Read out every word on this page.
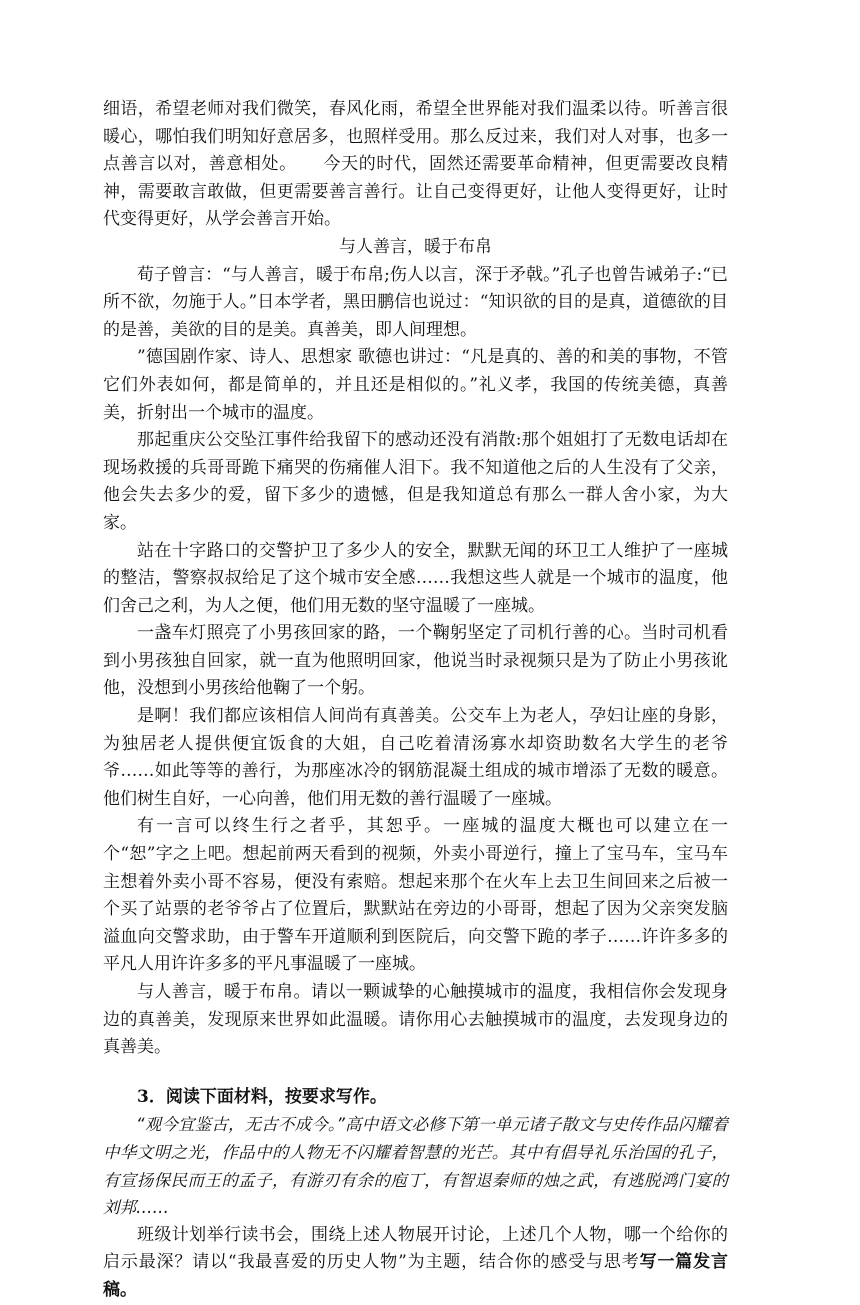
细语，希望老师对我们微笑，春风化雨，希望全世界能对我们温柔以待。听善言很暖心，哪怕我们明知好意居多，也照样受用。那么反过来，我们对人对事，也多一点善言以对，善意相处。　　今天的时代，固然还需要革命精神，但更需要改良精神，需要敢言敢做，但更需要善言善行。让自己变得更好，让他人变得更好，让时代变得更好，从学会善言开始。

与人善言，暖于布帛

荀子曾言：“与人善言，暖于布帛;伤人以言，深于矛戟。”孔子也曾告诫弟子:“已所不欲，勿施于人。”日本学者，黑田鹏信也说过：“知识欲的目的是真，道德欲的目的是善，美欲的目的是美。真善美，即人间理想。

”德国剧作家、诗人、思想家 歌德也讲过：“凡是真的、善的和美的事物，不管它们外表如何，都是简单的，并且还是相似的。”礼义孝，我国的传统美德，真善美，折射出一个城市的温度。

那起重庆公交坠江事件给我留下的感动还没有消散:那个姐姐打了无数电话却在现场救援的兵哥哥跪下痛哭的伤痛催人泪下。我不知道他之后的人生没有了父亲，他会失去多少的爱，留下多少的遗憾，但是我知道总有那么一群人舍小家，为大家。

站在十字路口的交警护卫了多少人的安全，默默无闻的环卫工人维护了一座城的整洁，警察叔叔给足了这个城市安全感……我想这些人就是一个城市的温度，他们舍己之利，为人之便，他们用无数的坚守温暖了一座城。

一盏车灯照亮了小男孩回家的路，一个鞠躬坚定了司机行善的心。当时司机看到小男孩独自回家，就一直为他照明回家，他说当时录视频只是为了防止小男孩讹他，没想到小男孩给他鞠了一个躬。

是啊！我们都应该相信人间尚有真善美。公交车上为老人，孕妇让座的身影，为独居老人提供便宜饭食的大姐，自己吃着清汤寡水却资助数名大学生的老爷爷……如此等等的善行，为那座冰冷的钢筋混凝土组成的城市增添了无数的暖意。他们树生自好，一心向善，他们用无数的善行温暖了一座城。

有一言可以终生行之者乎，其恕乎。一座城的温度大概也可以建立在一个“恕”字之上吧。想起前两天看到的视频，外卖小哥逆行，撞上了宝马车，宝马车主想着外卖小哥不容易，便没有索赔。想起来那个在火车上去卫生间回来之后被一个买了站票的老爷爷占了位置后，默默站在旁边的小哥哥，想起了因为父亲突发脑溢血向交警求助，由于警车开道顺利到医院后，向交警下跪的孝子……许许多多的平凡人用许许多多的平凡事温暖了一座城。

与人善言，暖于布帛。请以一颗诚挚的心触摸城市的温度，我相信你会发现身边的真善美，发现原来世界如此温暖。请你用心去触摸城市的温度，去发现身边的真善美。

3．阅读下面材料，按要求写作。

“观今宜鉴古，无古不成今。”高中语文必修下第一单元诸子散文与史传作品闪耀着中华文明之光，作品中的人物无不闪耀着智慧的光芒。其中有倡导礼乐治国的孔子，有宣扬保民而王的孟子，有游刃有余的庖丁，有智退秦师的烛之武，有逃脱鸿门宴的刘邦……

班级计划举行读书会，围绕上述人物展开讨论，上述几个人物，哪一个给你的启示最深？请以“我最喜爱的历史人物”为主题，结合你的感受与思考写一篇发言稿。
